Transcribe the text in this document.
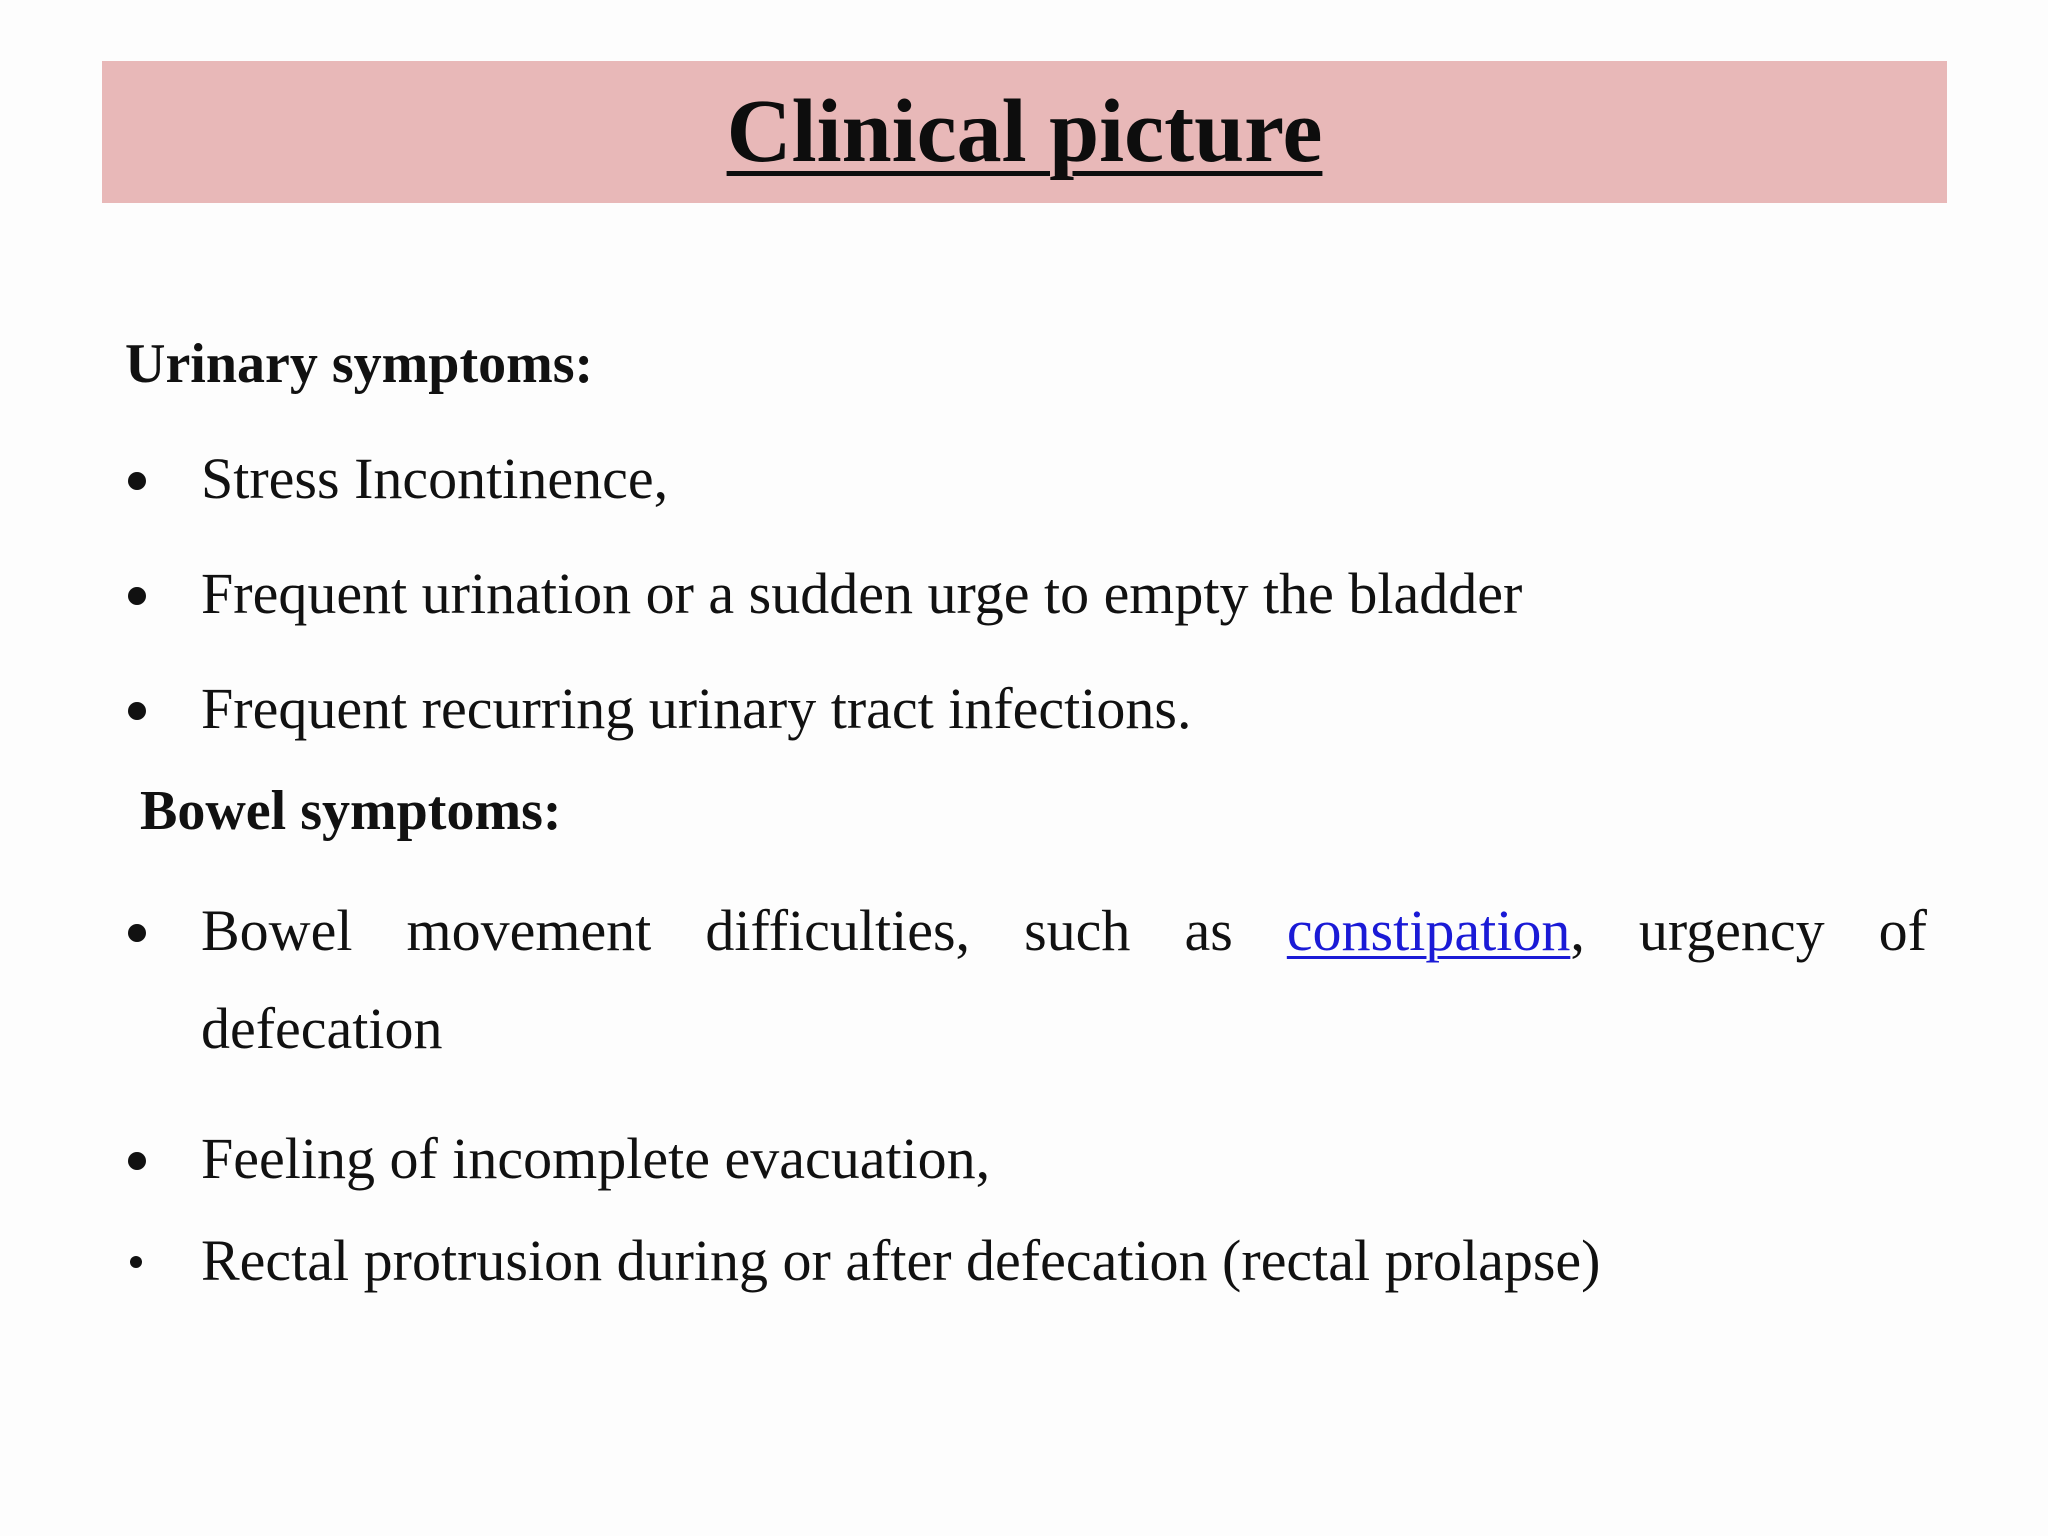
Clinical picture
Urinary symptoms:
Stress Incontinence,
Frequent urination or a sudden urge to empty the bladder
Frequent recurring urinary tract infections.
Bowel symptoms:
Bowel movement difficulties, such as constipation, urgency of
defecation
Feeling of incomplete evacuation,
Rectal protrusion during or after defecation (rectal prolapse)
